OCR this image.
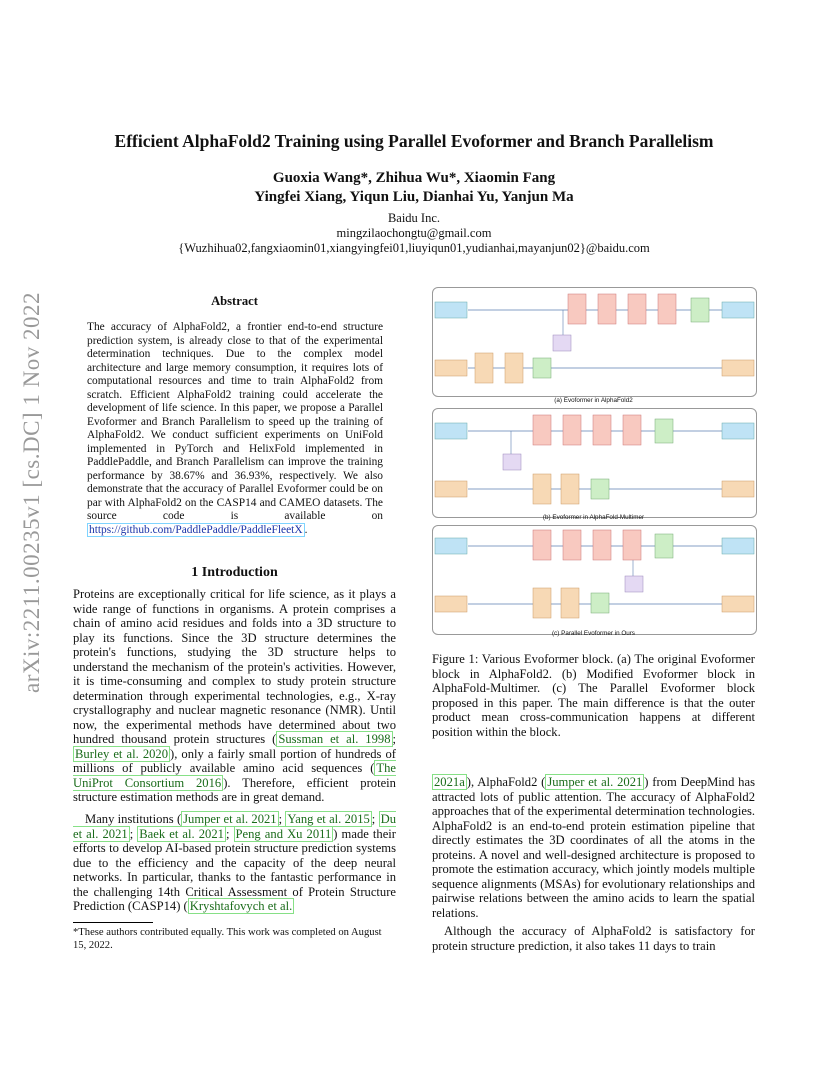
arXiv:2211.00235v1 [cs.DC] 1 Nov 2022
Efficient AlphaFold2 Training using Parallel Evoformer and Branch Parallelism
Guoxia Wang*, Zhihua Wu*, Xiaomin Fang
Yingfei Xiang, Yiqun Liu, Dianhai Yu, Yanjun Ma
Baidu Inc.
mingzilaochongtu@gmail.com
{Wuzhihua02,fangxiaomin01,xiangyingfei01,liuyiqun01,yudianhai,mayanjun02}@baidu.com
Abstract
The accuracy of AlphaFold2, a frontier end-to-end structure prediction system, is already close to that of the experimental determination techniques. Due to the complex model architecture and large memory consumption, it requires lots of computational resources and time to train AlphaFold2 from scratch. Efficient AlphaFold2 training could accelerate the development of life science. In this paper, we propose a Parallel Evoformer and Branch Parallelism to speed up the training of AlphaFold2. We conduct sufficient experiments on UniFold implemented in PyTorch and HelixFold implemented in PaddlePaddle, and Branch Parallelism can improve the training performance by 38.67% and 36.93%, respectively. We also demonstrate that the accuracy of Parallel Evoformer could be on par with AlphaFold2 on the CASP14 and CAMEO datasets. The source code is available on https://github.com/PaddlePaddle/PaddleFleetX .
1 Introduction
Proteins are exceptionally critical for life science, as it plays a wide range of functions in organisms. A protein comprises a chain of amino acid residues and folds into a 3D structure to play its functions. Since the 3D structure determines the protein's functions, studying the 3D structure helps to understand the mechanism of the protein's activities. However, it is time-consuming and complex to study protein structure determination through experimental technologies, e.g., X-ray crystallography and nuclear magnetic resonance (NMR). Until now, the experimental methods have determined about two hundred thousand protein structures ( Sussman et al. 1998 ; Burley et al. 2020 ), only a fairly small portion of hundreds of millions of publicly available amino acid sequences ( The UniProt Consortium 2016 ). Therefore, efficient protein structure estimation methods are in great demand.
Many institutions ( Jumper et al. 2021 ; Yang et al. 2015 ; Du et al. 2021 ; Baek et al. 2021 ; Peng and Xu 2011 ) made their efforts to develop AI-based protein structure prediction systems due to the efficiency and the capacity of the deep neural networks. In particular, thanks to the fantastic performance in the challenging 14th Critical Assessment of Protein Structure Prediction (CASP14) ( Kryshtafovych et al.
*These authors contributed equally. This work was completed on August 15, 2022.
(a) Evoformer in AlphaFold2
(b) Evoformer in AlphaFold-Multimer
(c) Parallel Evoformer in Ours
Figure 1: Various Evoformer block. (a) The original Evoformer block in AlphaFold2. (b) Modified Evoformer block in AlphaFold-Multimer. (c) The Parallel Evoformer block proposed in this paper. The main difference is that the outer product mean cross-communication happens at different position within the block.
2021a ), AlphaFold2 ( Jumper et al. 2021 ) from DeepMind has attracted lots of public attention. The accuracy of AlphaFold2 approaches that of the experimental determination technologies. AlphaFold2 is an end-to-end protein estimation pipeline that directly estimates the 3D coordinates of all the atoms in the proteins. A novel and well-designed architecture is proposed to promote the estimation accuracy, which jointly models multiple sequence alignments (MSAs) for evolutionary relationships and pairwise relations between the amino acids to learn the spatial relations.
Although the accuracy of AlphaFold2 is satisfactory for protein structure prediction, it also takes 11 days to train
